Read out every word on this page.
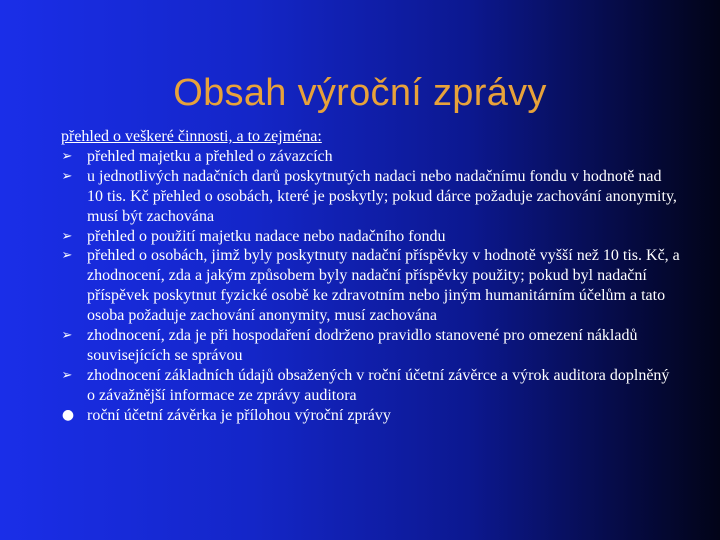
Obsah výroční zprávy
přehled o veškeré činnosti, a to zejména:
➢ přehled majetku a přehled o závazcích
➢ u jednotlivých nadačních darů poskytnutých nadaci nebo nadačnímu fondu v hodnotě nad 10 tis. Kč přehled o osobách, které je poskytly; pokud dárce požaduje zachování anonymity, musí být zachována
➢ přehled o použití majetku nadace nebo nadačního fondu
➢ přehled o osobách, jimž byly poskytnuty nadační příspěvky v hodnotě vyšší než 10 tis. Kč, a zhodnocení, zda a jakým způsobem byly nadační příspěvky použity; pokud byl nadační příspěvek poskytnut fyzické osobě ke zdravotním nebo jiným humanitárním účelům a tato osoba požaduje zachování anonymity, musí zachována
➢ zhodnocení, zda je při hospodaření dodrženo pravidlo stanovené pro omezení nákladů souvisejících se správou
➢ zhodnocení základních údajů obsažených v roční účetní závěrce a výrok auditora doplněný o závažnější informace ze zprávy auditora
● roční účetní závěrka je přílohou výroční zprávy
